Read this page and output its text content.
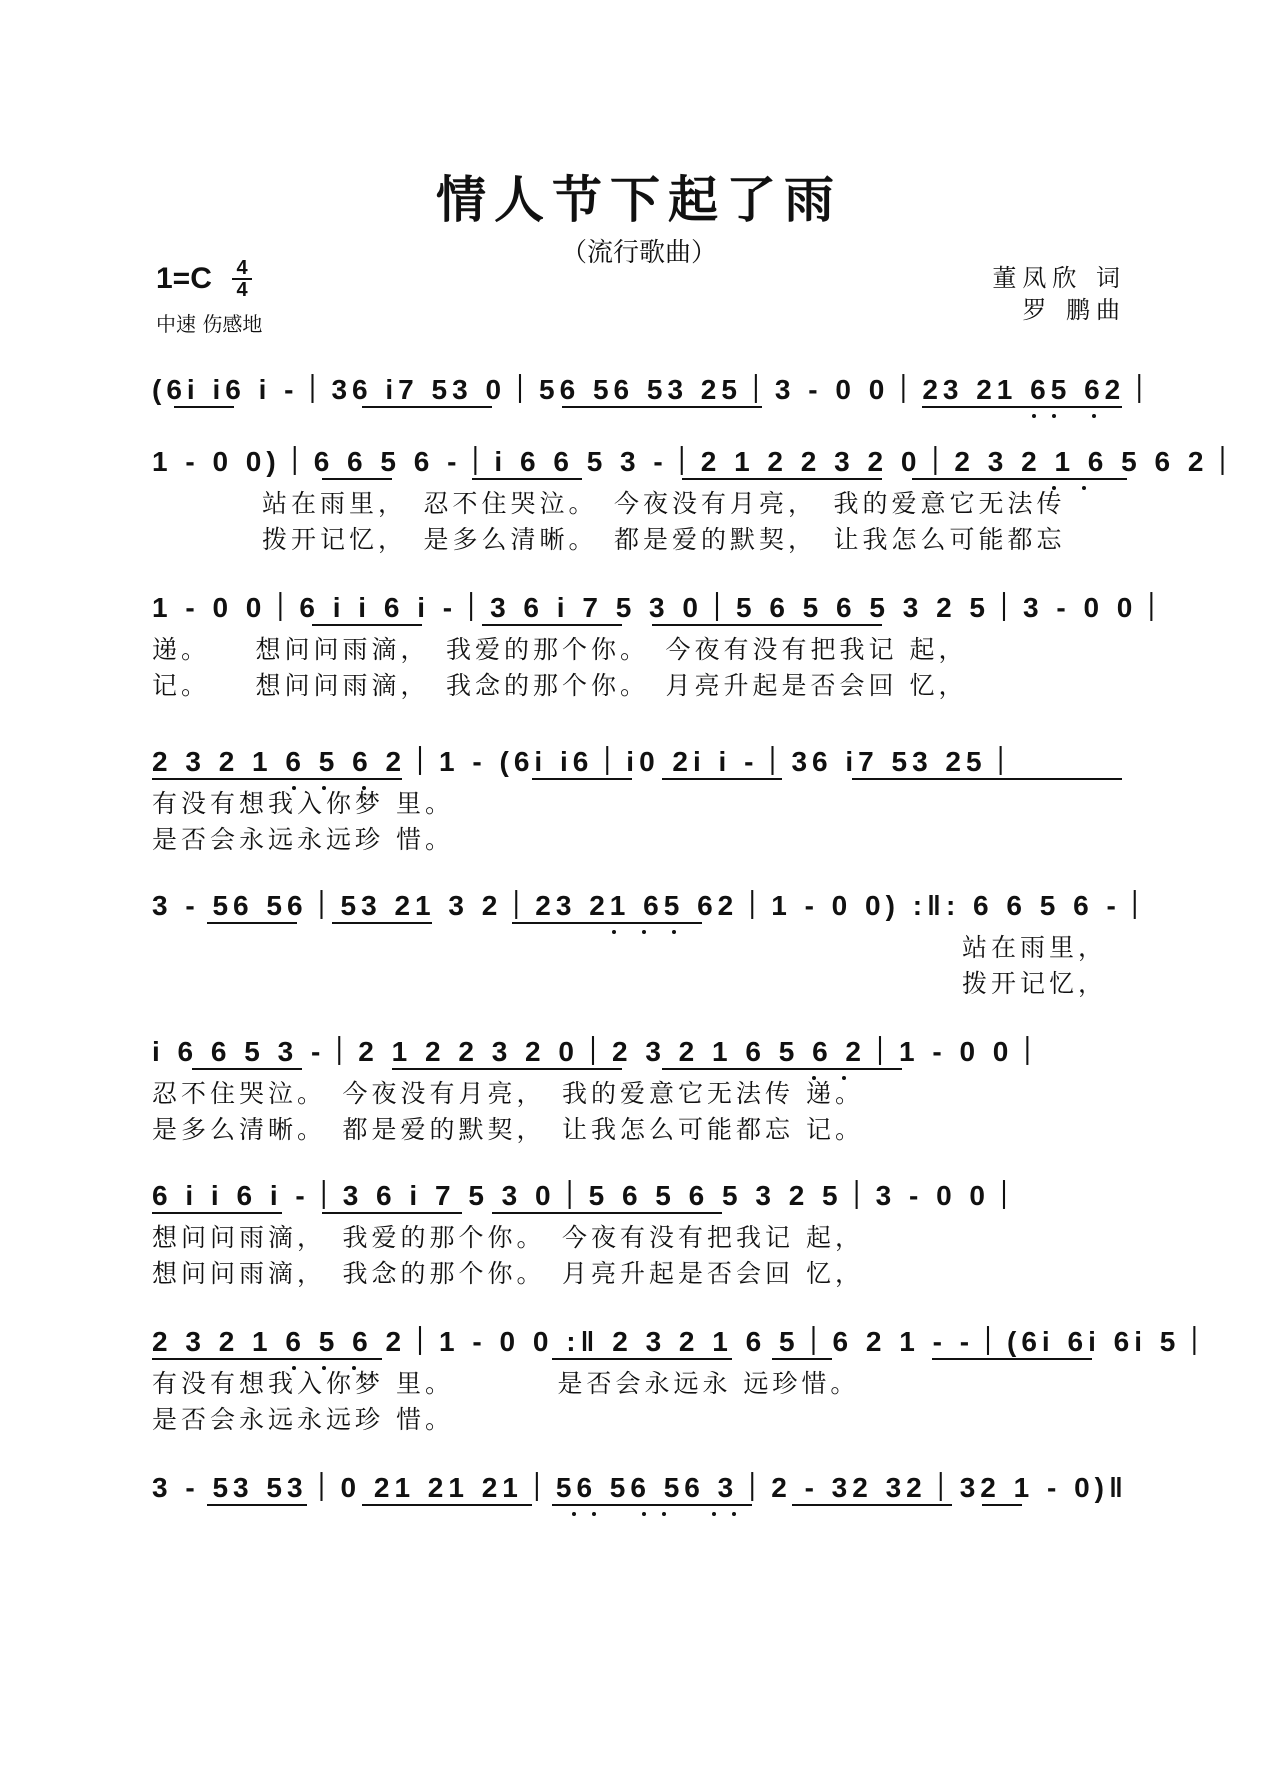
情人节下起了雨
（流行歌曲）
1=C 4
4
中速 伤感地
董凤欣 词
罗 鹏曲
(6i i6 i -｜36 i7 53 0｜56 56 53 25｜3 - 0 0｜23 21 65 62｜
1 - 0 0)｜6 6 5 6 -｜i 6 6 5 3 -｜2 1 2 2 3 2 0｜2 3 2 1 6 5 6 2｜
站在雨里，　忍不住哭泣。　今夜没有月亮，　我的爱意它无法传
拨开记忆，　是多么清晰。　都是爱的默契，　让我怎么可能都忘
1 - 0 0｜6 i i 6 i -｜3 6 i 7 5 3 0｜5 6 5 6 5 3 2 5｜3 - 0 0｜
递。　　想问问雨滴，　我爱的那个你。　今夜有没有把我记 起，
记。　　想问问雨滴，　我念的那个你。　月亮升起是否会回 忆，
2 3 2 1 6 5 6 2｜1 - (6i i6｜i0 2i i -｜36 i7 53 25｜
有没有想我入你梦 里。
是否会永远永远珍 惜。
3 - 56 56｜53 21 3 2｜23 21 65 62｜1 - 0 0) :‖: 6 6 5 6 -｜
站在雨里，
拨开记忆，
i 6 6 5 3 -｜2 1 2 2 3 2 0｜2 3 2 1 6 5 6 2｜1 - 0 0｜
忍不住哭泣。　今夜没有月亮，　我的爱意它无法传 递。
是多么清晰。　都是爱的默契，　让我怎么可能都忘 记。
6 i i 6 i -｜3 6 i 7 5 3 0｜5 6 5 6 5 3 2 5｜3 - 0 0｜
想问问雨滴，　我爱的那个你。　今夜有没有把我记 起，
想问问雨滴，　我念的那个你。　月亮升起是否会回 忆，
2 3 2 1 6 5 6 2｜1 - 0 0 :‖ 2 3 2 1 6 5｜6 2 1 - -｜(6i 6i 6i 5｜
有没有想我入你梦 里。　　　　是否会永远永 远珍惜。
是否会永远永远珍 惜。
3 - 53 53｜0 21 21 21｜56 56 56 3｜2 - 32 32｜32 1 - 0)‖
